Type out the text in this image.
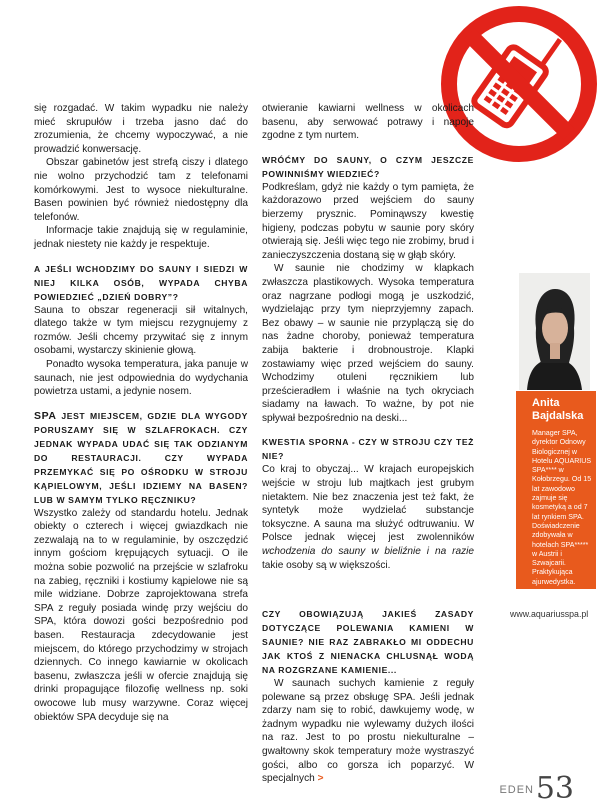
się rozgadać. W takim wypadku nie należy mieć skrupułów i trzeba jasno dać do zrozumienia, że chcemy wypoczywać, a nie prowadzić konwersację.

Obszar gabinetów jest strefą ciszy i dlatego nie wolno przychodzić tam z telefonami komórkowymi. Jest to wysoce niekulturalne. Basen powinien być również niedostępny dla telefonów.

Informacje takie znajdują się w regulaminie, jednak niestety nie każdy je respektuje.

A JEŚLI WCHODZIMY DO SAUNY I SIEDZI W NIEJ KILKA OSÓB, WYPADA CHYBA POWIEDZIEĆ „DZIEŃ DOBRY”?

Sauna to obszar regeneracji sił witalnych, dlatego także w tym miejscu rezygnujemy z rozmów. Jeśli chcemy przywitać się z innym osobami, wystarczy skinienie głową.

Ponadto wysoka temperatura, jaka panuje w saunach, nie jest odpowiednia do wydychania powietrza ustami, a jedynie nosem.

SPA JEST MIEJSCEM, GDZIE DLA WYGODY PORUSZAMY SIĘ W SZLAFROKACH. CZY JEDNAK WYPADA UDAĆ SIĘ TAK ODZIANYM DO RESTAURACJI. CZY WYPADA PRZEMYKAĆ SIĘ PO OŚRODKU W STROJU KĄPIELOWYM, JEŚLI IDZIEMY NA BASEN? LUB W SAMYM TYLKO RĘCZNIKU?

Wszystko zależy od standardu hotelu. Jednak obiekty o czterech i więcej gwiazdkach nie zezwalają na to w regulaminie, by oszczędzić innym gościom krępujących sytuacji. O ile można sobie pozwolić na przejście w szlafroku na zabieg, ręczniki i kostiumy kąpielowe nie są mile widziane. Dobrze zaprojektowana strefa SPA z reguły posiada windę przy wejściu do SPA, która dowozi gości bezpośrednio pod basen. Restauracja zdecydowanie jest miejscem, do którego przychodzimy w strojach dziennych. Co innego kawiarnie w okolicach basenu, zwłaszcza jeśli w ofercie znajdują się drinki propagujące filozofię wellness np. soki owocowe lub musy warzywne. Coraz więcej obiektów SPA decyduje się na

otwieranie kawiarni wellness w okolicach basenu, aby serwować potrawy i napoje zgodne z tym nurtem.

WRÓĆMY DO SAUNY, O CZYM JESZCZE POWINNIŚMY WIEDZIEĆ?

Podkreślam, gdyż nie każdy o tym pamięta, że każdorazowo przed wejściem do sauny bierzemy prysznic. Pominąwszy kwestię higieny, podczas pobytu w saunie pory skóry otwierają się. Jeśli więc tego nie zrobimy, brud i zanieczyszczenia dostaną się w głąb skóry.

W saunie nie chodzimy w klapkach zwłaszcza plastikowych. Wysoka temperatura oraz nagrzane podłogi mogą je uszkodzić, wydzielając przy tym nieprzyjemny zapach. Bez obawy – w saunie nie przyplączą się do nas żadne choroby, ponieważ temperatura zabija bakterie i drobnoustroje. Klapki zostawiamy więc przed wejściem do sauny. Wchodzimy otuleni ręcznikiem lub prześcieradłem i właśnie na tych okryciach siadamy na ławach. To ważne, by pot nie spływał bezpośrednio na deski...

KWESTIA SPORNA - CZY W STROJU CZY TEŻ NIE?

Co kraj to obyczaj... W krajach europejskich wejście w stroju lub majtkach jest grubym nietaktem. Nie bez znaczenia jest też fakt, że syntetyk może wydzielać substancje toksyczne. A sauna ma służyć odtruwaniu. W Polsce jednak więcej jest zwolenników wchodzenia do sauny w bieliźnie i na razie takie osoby są w większości.

CZY OBOWIĄZUJĄ JAKIEŚ ZASADY DOTYCZĄCE POLEWANIA KAMIENI W SAUNIE? NIE RAZ ZABRAKŁO MI ODDECHU JAK KTOŚ Z NIENACKA CHLUSNĄŁ WODĄ NA ROZGRZANE KAMIENIE...

W saunach suchych kamienie z reguły polewane są przez obsługę SPA. Jeśli jednak zdarzy nam się to robić, dawkujemy wodę, w żadnym wypadku nie wylewamy dużych ilości na raz. Jest to po prostu niekulturalne – gwałtowny skok temperatury może wystraszyć gości, albo co gorsza ich poparzyć. W specjalnych >

Anita
Bajdalska
Manager SPA, dyrektor Odnowy Biologicznej w Hotelu AQUARIUS SPA**** w Kołobrzegu. Od 15 lat zawodowo zajmuje się kosmetyką a od 7 lat rynkiem SPA. Doświadczenie zdobywała w hotelach SPA***** w Austrii i Szwajcarii. Praktykująca ajurwedystka.
www.aquariusspa.pl
EDEN 53
